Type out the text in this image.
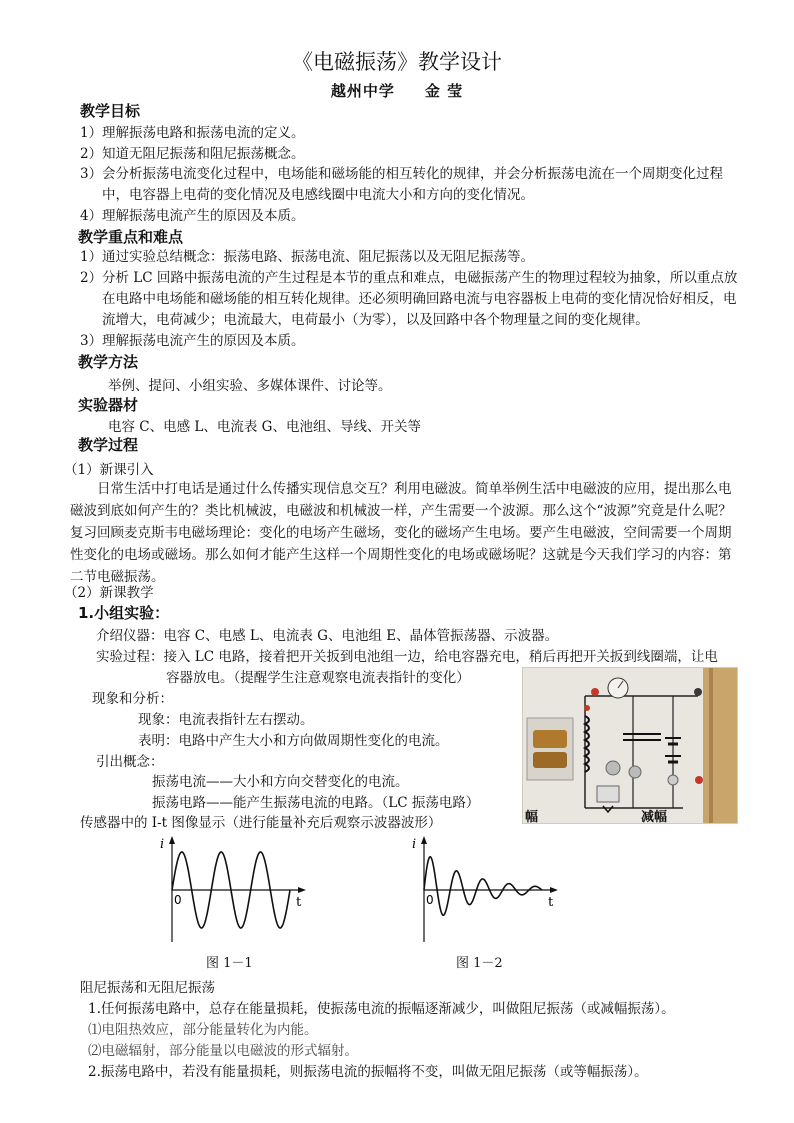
《电磁振荡》教学设计
越州中学 金 莹
教学目标
1） 理解振荡电路和振荡电流的定义。
2） 知道无阻尼振荡和阻尼振荡概念。
3） 会分析振荡电流变化过程中，电场能和磁场能的相互转化的规律，并会分析振荡电流在一个周期变化过程中，电容器上电荷的变化情况及电感线圈中电流大小和方向的变化情况。
4） 理解振荡电流产生的原因及本质。
教学重点和难点
1） 通过实验总结概念：振荡电路、振荡电流、阻尼振荡以及无阻尼振荡等。
2） 分析 LC 回路中振荡电流的产生过程是本节的重点和难点，电磁振荡产生的物理过程较为抽象，所以重点放在电路中电场能和磁场能的相互转化规律。还必须明确回路电流与电容器板上电荷的变化情况恰好相反，电流增大，电荷减少；电流最大，电荷最小（为零），以及回路中各个物理量之间的变化规律。
3） 理解振荡电流产生的原因及本质。
教学方法
举例、提问、小组实验、多媒体课件、讨论等。
实验器材
电容 C、电感 L、电流表 G、电池组、导线、开关等
教学过程
（1）新课引入
日常生活中打电话是通过什么传播实现信息交互？利用电磁波。简单举例生活中电磁波的应用，提出那么电磁波到底如何产生的？类比机械波，电磁波和机械波一样，产生需要一个波源。那么这个“波源”究竟是什么呢？复习回顾麦克斯韦电磁场理论：变化的电场产生磁场，变化的磁场产生电场。要产生电磁波，空间需要一个周期性变化的电场或磁场。那么如何才能产生这样一个周期性变化的电场或磁场呢？这就是今天我们学习的内容：第二节电磁振荡。
（2）新课教学
1.小组实验：
介绍仪器：电容 C、电感 L、电流表 G、电池组 E、晶体管振荡器、示波器。
实验过程：接入 LC 电路，接着把开关扳到电池组一边，给电容器充电，稍后再把开关扳到线圈端，让电
容器放电。（提醒学生注意观察电流表指针的变化）
现象和分析：
现象：电流表指针左右摆动。
表明：电路中产生大小和方向做周期性变化的电流。
引出概念：
振荡电流——大小和方向交替变化的电流。
振荡电路——能产生振荡电流的电路。（LC 振荡电路）
传感器中的 I-t 图像显示（进行能量补充后观察示波器波形）	幅	减幅
i
0	t
图 1－1
i
0	t
图 1－2
阻尼振荡和无阻尼振荡
1.任何振荡电路中，总存在能量损耗，使振荡电流的振幅逐渐减少，叫做阻尼振荡（或减幅振荡）。
⑴电阻热效应，部分能量转化为内能。
⑵电磁辐射，部分能量以电磁波的形式辐射。
2.振荡电路中，若没有能量损耗，则振荡电流的振幅将不变，叫做无阻尼振荡（或等幅振荡）。
